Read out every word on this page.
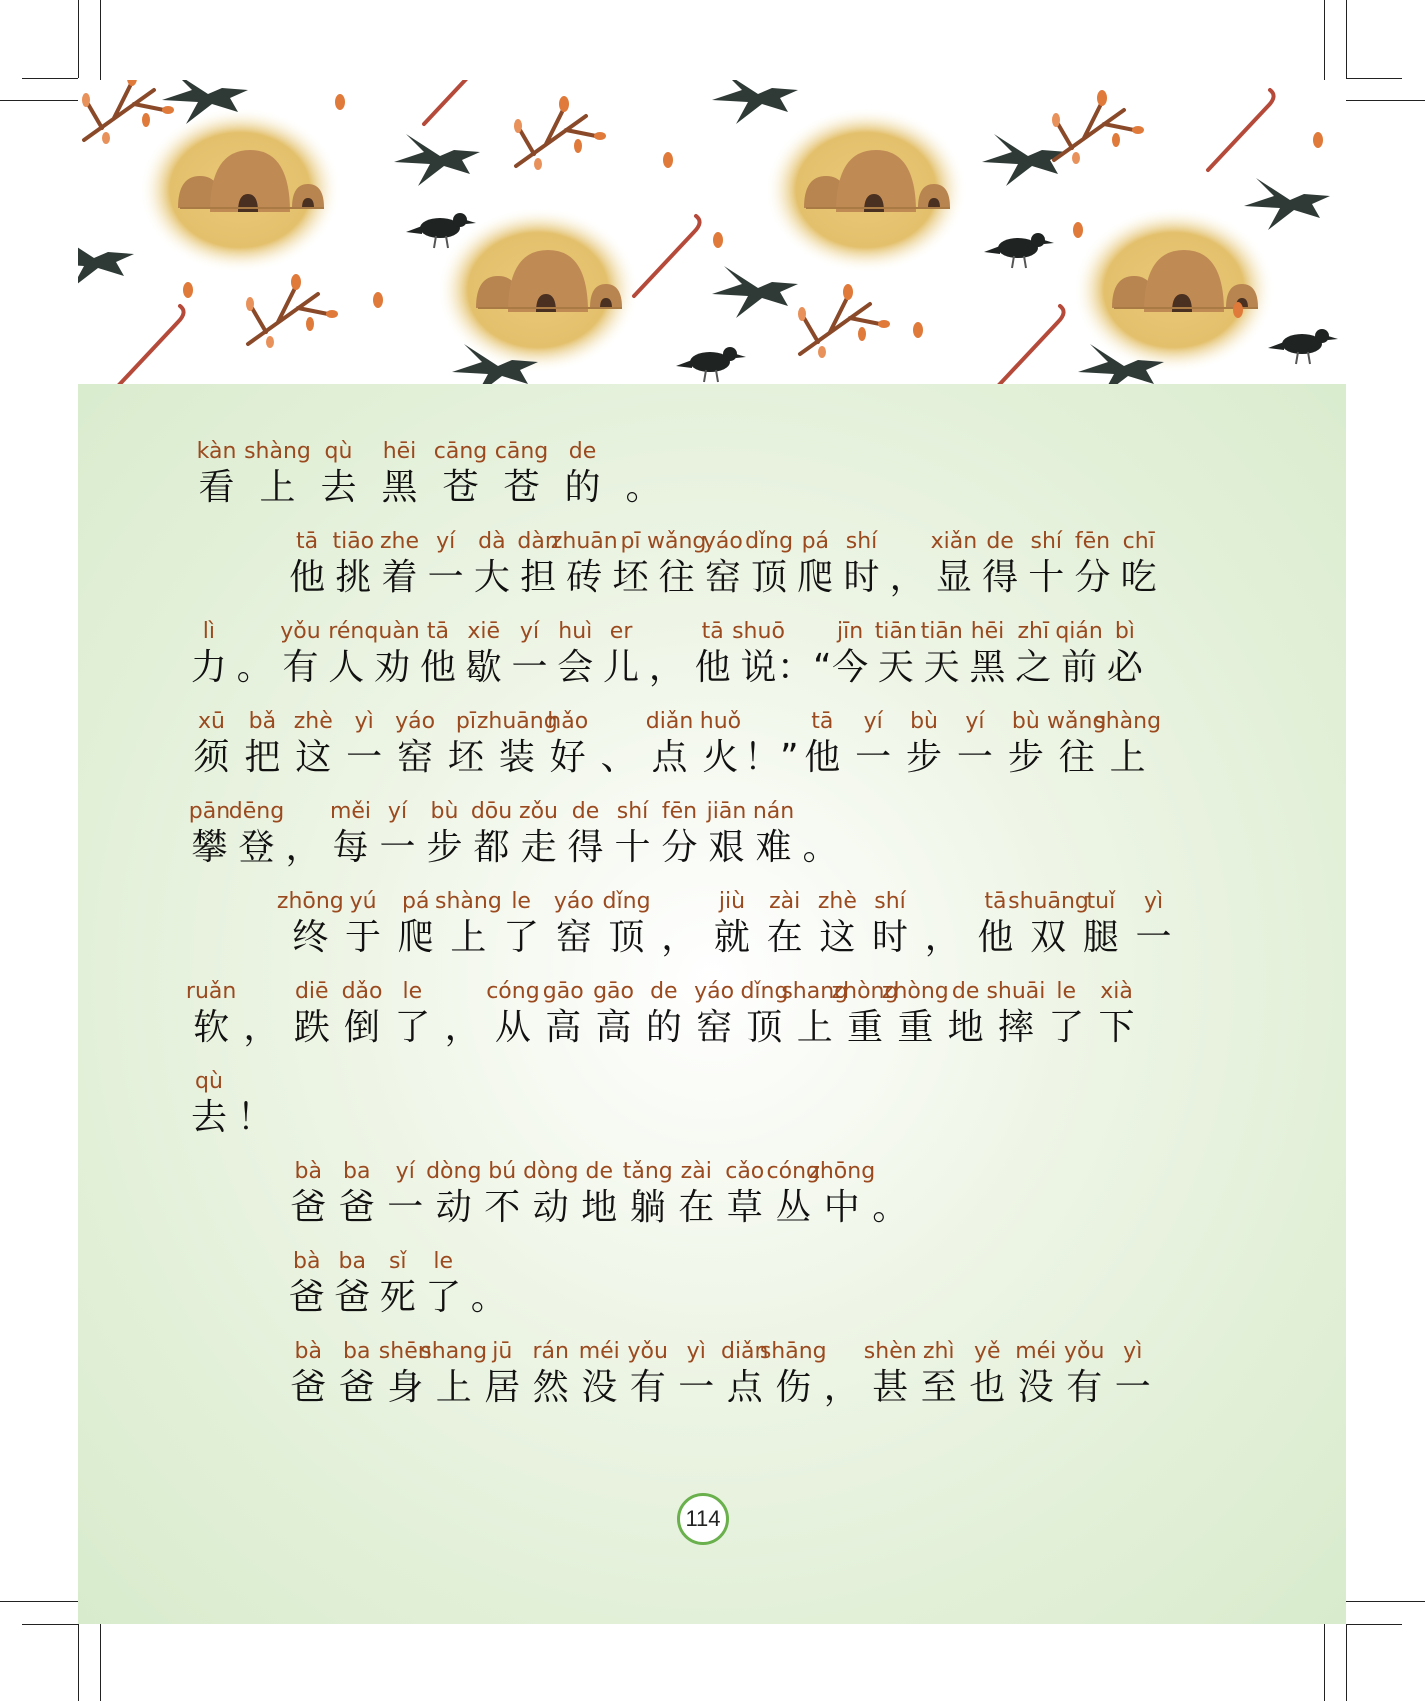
kàn
看
shàng
上
qù
去
hēi
黑
cāng
苍
cāng
苍
de
的 。
tā
他
tiāo
挑
zhe
着
yí
一
dà
大
dàn
担
zhuān
砖
pī
坯
wǎng
往
yáo
窑
dǐng
顶
pá
爬
shí
时 ，
xiǎn
显
de
得
shí
十
fēn
分
chī
吃
lì
力 。
yǒu
有
rén
人
quàn
劝
tā
他
xiē
歇
yí
一
huì
会
er
儿 ，
tā
他
shuō
说 ：“
jīn
今
tiān
天
tiān
天
hēi
黑
zhī
之
qián
前
bì
必
xū
须
bǎ
把
zhè
这
yì
一
yáo
窑
pī
坯
zhuāng
装
hǎo
好 、
diǎn
点
huǒ
火 ！”
tā
他
yí
一
bù
步
yí
一
bù
步
wǎng
往
shàng
上
pān
攀
dēng
登 ，
měi
每
yí
一
bù
步
dōu
都
zǒu
走
de
得
shí
十
fēn
分
jiān
艰
nán
难 。
zhōng
终
yú
于
pá
爬
shàng
上
le
了
yáo
窑
dǐng
顶 ，
jiù
就
zài
在
zhè
这
shí
时 ，
tā
他
shuāng
双
tuǐ
腿
yì
一
ruǎn
软 ，
diē
跌
dǎo
倒
le
了 ，
cóng
从
gāo
高
gāo
高
de
的
yáo
窑
dǐng
顶
shang
上
zhòng
重
zhòng
重
de
地
shuāi
摔
le
了
xià
下
qù
去 ！
bà
爸
ba
爸
yí
一
dòng
动
bú
不
dòng
动
de
地
tǎng
躺
zài
在
cǎo
草
cóng
丛
zhōng
中 。
bà
爸
ba
爸
sǐ
死
le
了 。
bà
爸
ba
爸
shēn
身
shang
上
jū
居
rán
然
méi
没
yǒu
有
yì
一
diǎn
点
shāng
伤 ，
shèn
甚
zhì
至
yě
也
méi
没
yǒu
有
yì
一
114
